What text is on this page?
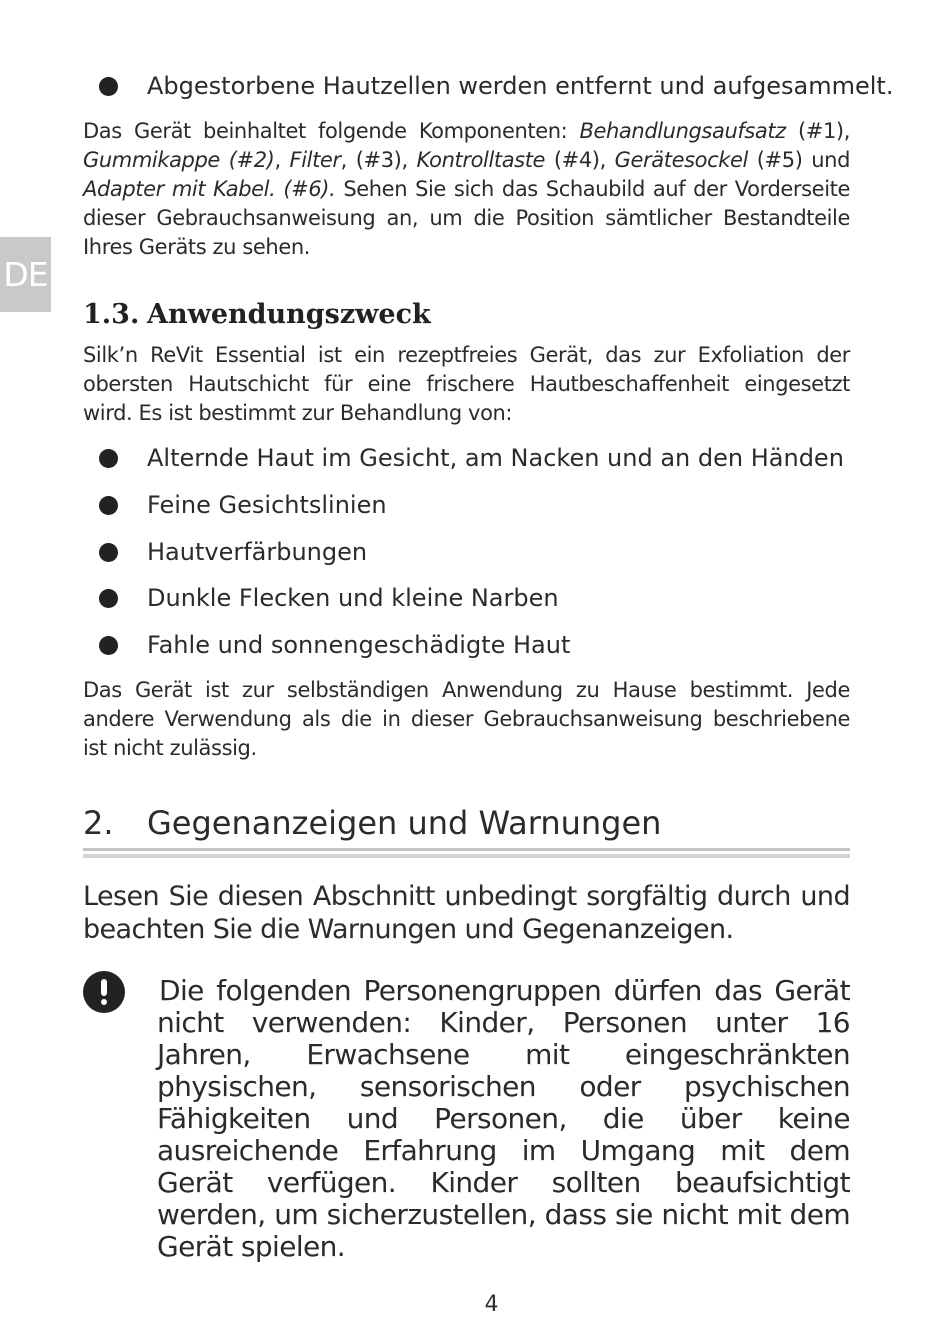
DE
Abgestorbene Hautzellen werden entfernt und aufgesammelt.
Das Gerät beinhaltet folgende Komponenten: Behandlungsaufsatz (#1), Gummikappe (#2), Filter, (#3), Kontrolltaste (#4), Gerätesockel (#5) und Adapter mit Kabel. (#6). Sehen Sie sich das Schaubild auf der Vorderseite dieser Gebrauchsanweisung an, um die Position sämtlicher Bestandteile Ihres Geräts zu sehen.
1.3. Anwendungszweck
Silk’n ReVit Essential ist ein rezeptfreies Gerät, das zur Exfoliation der obersten Hautschicht für eine frischere Hautbeschaffenheit eingesetzt wird. Es ist bestimmt zur Behandlung von:
Alternde Haut im Gesicht, am Nacken und an den Händen
Feine Gesichtslinien
Hautverfärbungen
Dunkle Flecken und kleine Narben
Fahle und sonnengeschädigte Haut
Das Gerät ist zur selbständigen Anwendung zu Hause bestimmt. Jede andere Verwendung als die in dieser Gebrauchsanweisung beschriebene ist nicht zulässig.
2. Gegenanzeigen und Warnungen
Lesen Sie diesen Abschnitt unbedingt sorgfältig durch und beachten Sie die Warnungen und Gegenanzeigen.
Die folgenden Personengruppen dürfen das Gerät nicht verwenden: Kinder, Personen unter 16 Jahren, Erwachsene mit eingeschränkten physischen, sensorischen oder psychischen Fähigkeiten und Personen, die über keine ausreichende Erfahrung im Umgang mit dem Gerät verfügen. Kinder sollten beaufsichtigt werden, um sicherzustellen, dass sie nicht mit dem Gerät spielen.
4
